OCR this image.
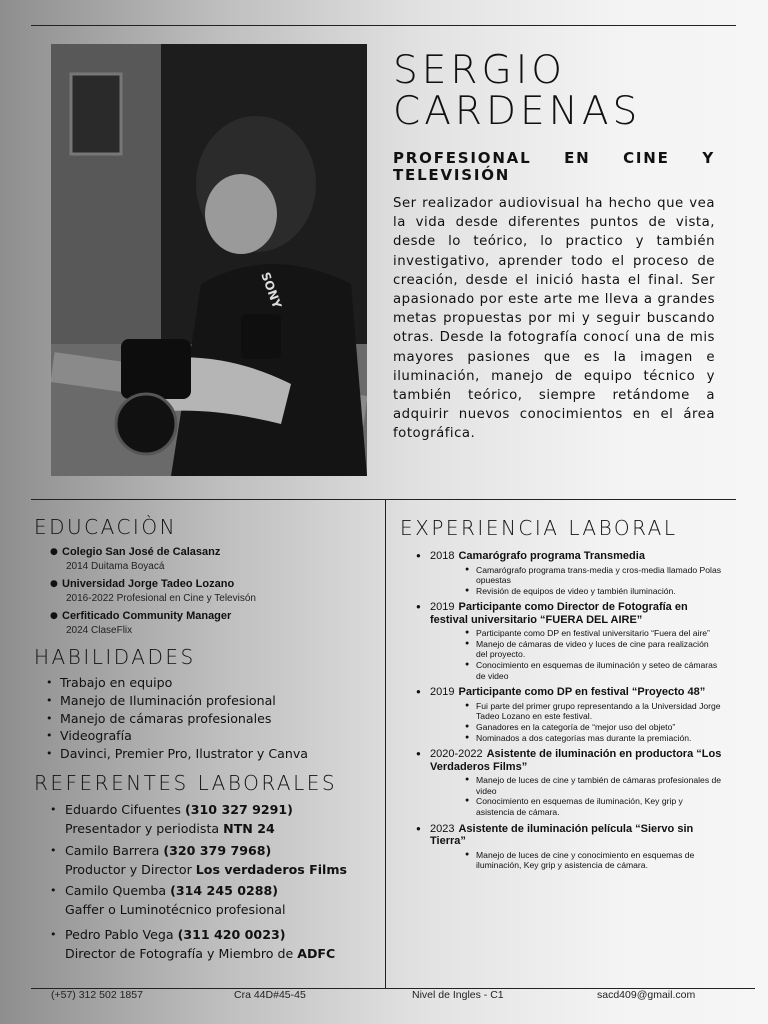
SONY
SERGIO
CARDENAS
PROFESIONAL EN CINE Y TELEVISIÓN
Ser realizador audiovisual ha hecho que vea la vida desde diferentes puntos de vista, desde lo teórico, lo practico y también investigativo, aprender todo el proceso de creación, desde el inició hasta el final. Ser apasionado por este arte me lleva a grandes metas propuestas por mi y seguir buscando otras. Desde la fotografía conocí una de mis mayores pasiones que es la imagen e iluminación, manejo de equipo técnico y también teórico, siempre retándome a adquirir nuevos conocimientos en el área fotográfica.
EDUCACIÒN
● Colegio San José de Calasanz
2014 Duitama Boyacá
● Universidad Jorge Tadeo Lozano
2016-2022 Profesional en Cine y Televisón
● Cerfiticado Community Manager
2024 ClaseFlix
HABILIDADES
• Trabajo en equipo
• Manejo de Iluminación profesional
• Manejo de cámaras profesionales
• Videografía
• Davinci, Premier Pro, Ilustrator y Canva
REFERENTES LABORALES
• Eduardo Cifuentes (310 327 9291)
Presentador y periodista NTN 24
• Camilo Barrera (320 379 7968)
Productor y Director Los verdaderos Films
• Camilo Quemba (314 245 0288)
Gaffer o Luminotécnico profesional
• Pedro Pablo Vega (311 420 0023)
Director de Fotografía y Miembro de ADFC
EXPERIENCIA LABORAL
● 2018 Camarógrafo programa Transmedia
● Camarógrafo programa trans-media y cros-media llamado Polas opuestas
● Revisión de equipos de video y también iluminación.
● 2019 Participante como Director de Fotografía en festival universitario “FUERA DEL AIRE”
● Participante como DP en festival universitario “Fuera del aire”
● Manejo de cámaras de video y luces de cine para realización del proyecto.
● Conocimiento en esquemas de iluminación y seteo de cámaras de video
● 2019 Participante como DP en festival “Proyecto 48”
● Fui parte del primer grupo representando a la Universidad Jorge Tadeo Lozano en este festival.
● Ganadores en la categoría de “mejor uso del objeto”
● Nominados a dos categorías mas durante la premiación.
● 2020-2022 Asistente de iluminación en productora “Los Verdaderos Films”
● Manejo de luces de cine y también de cámaras profesionales de video
● Conocimiento en esquemas de iluminación, Key grip y asistencia de cámara.
● 2023 Asistente de iluminación película “Siervo sin Tierra”
● Manejo de luces de cine y conocimiento en esquemas de iluminación, Key grip y asistencia de cámara.
(+57) 312 502 1857	Cra 44D#45-45	Nivel de Ingles - C1	sacd409@gmail.com
